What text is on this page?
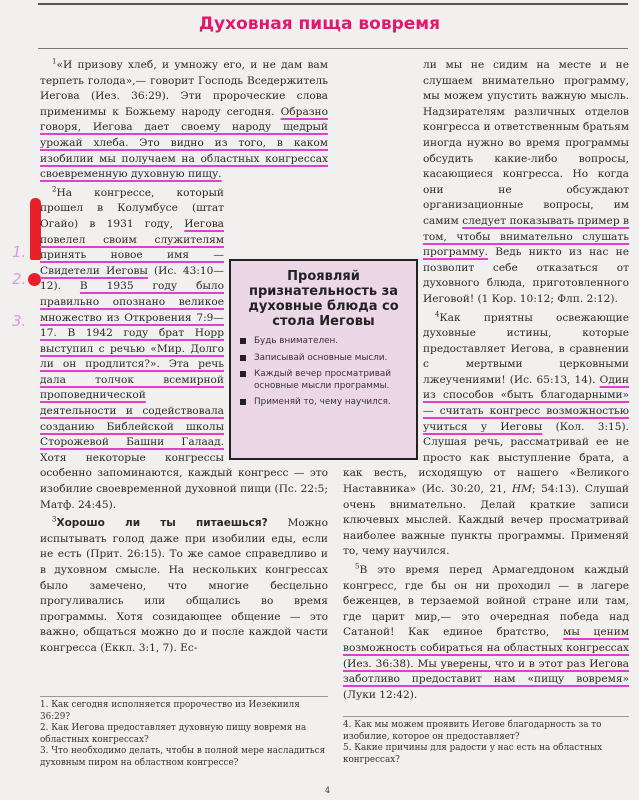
Духовная пища вовремя
1.
2.
3.

$^1$«И призову хлеб, и умножу его, и не дам вам терпеть голода»,— говорит Господь Вседержитель Иегова (Иез. 36:29). Эти пророческие слова применимы к Божьему народу сегодня. Образно говоря, Иегова дает своему народу щедрый урожай хлеба. Это видно из того, в каком изобилии мы получаем на областных конгрессах своевременную духовную пищу.

$^2$На конгрессе, который прошел в Колумбусе (штат Огайо) в 1931 году, Иегова повелел своим служителям принять новое имя — Свидетели Иеговы (Ис. 43:10—12). В 1935 году было правильно опознано великое множество из Откровения 7:9—17. В 1942 году брат Норр выступил с речью «Мир. Долго ли он продлится?». Эта речь дала толчок всемирной проповеднической деятельности и содействовала созданию Библейской школы Сторожевой Башни Галаад. Хотя некоторые конгрессы особенно запоминаются, каждый конгресс — это изобилие своевременной духовной пищи (Пс. 22:5; Матф. 24:45).

$^3$Хорошо ли ты питаешься? Можно испытывать голод даже при изобилии еды, если не есть (Прит. 26:15). То же самое справедливо и в духовном смысле. На нескольких конгрессах было замечено, что многие бесцельно прогуливались или общались во время программы. Хотя созидающее общение — это важно, общаться можно до и после каждой части конгресса (Еккл. 3:1, 7). Ес-

Проявляй признательность за духовные блюда со стола Иеговы
Будь внимателен.
Записывай основные мысли.
Каждый вечер просматривай основные мысли программы.
Применяй то, чему научился.

ли мы не сидим на месте и не слушаем внимательно программу, мы можем упустить важную мысль. Надзирателям различных отделов конгресса и ответственным братьям иногда нужно во время программы обсудить какие-либо вопросы, касающиеся конгресса. Но когда они не обсуждают организационные вопросы, им самим следует показывать пример в том, чтобы внимательно слушать программу. Ведь никто из нас не позволит себе отказаться от духовного блюда, приготовленного Иеговой! (1 Кор. 10:12; Флп. 2:12).

$^4$Как приятны освежающие духовные истины, которые предоставляет Иегова, в сравнении с мертвыми церковными лжеучениями! (Ис. 65:13, 14). Один из способов «быть благодарными» — считать конгресс возможностью учиться у Иеговы (Кол. 3:15). Слушая речь, рассматривай ее не просто как выступление брата, а как весть, исходящую от нашего «Великого Наставника» (Ис. 30:20, 21, НМ; 54:13). Слушай очень внимательно. Делай краткие записи ключевых мыслей. Каждый вечер просматривай наиболее важные пункты программы. Применяй то, чему научился.

$^5$В это время перед Армагеддоном каждый конгресс, где бы он ни проходил — в лагере беженцев, в терзаемой войной стране или там, где царит мир,— это очередная победа над Сатаной! Как единое братство, мы ценим возможность собираться на областных конгрессах (Иез. 36:38). Мы уверены, что и в этот раз Иегова заботливо предоставит нам «пищу вовремя» (Луки 12:42).

1. Как сегодня исполняется пророчество из Иезекииля 36:29?
2. Как Иегова предоставляет духовную пищу вовремя на областных конгрессах?
3. Что необходимо делать, чтобы в полной мере насладиться духовным пиром на областном конгрессе?
4. Как мы можем проявить Иегове благодарность за то изобилие, которое он предоставляет?
5. Какие причины для радости у нас есть на областных конгрессах?
4
